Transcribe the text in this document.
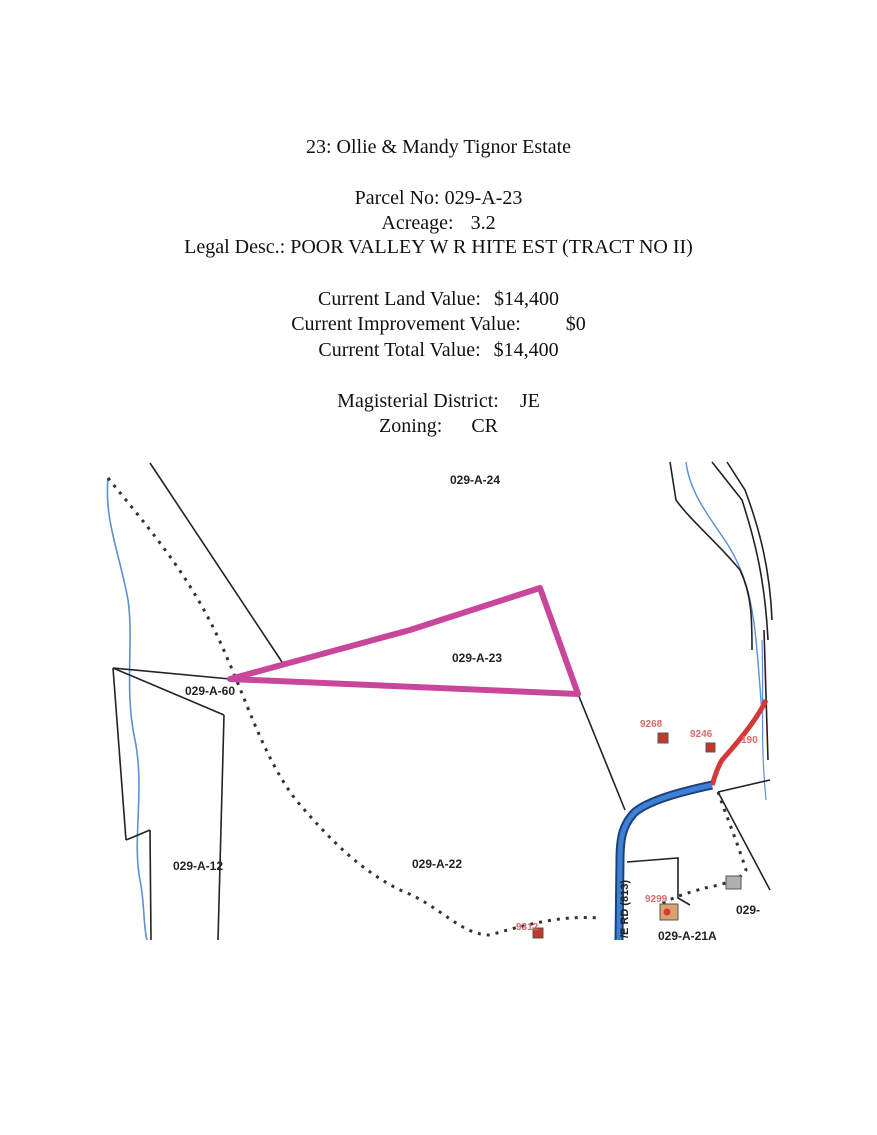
23: Ollie & Mandy Tignor Estate
Parcel No: 029-A-23
Acreage: 3.2
Legal Desc.: POOR VALLEY W R HITE EST (TRACT NO II)
Current Land Value: $14,400
Current Improvement Value: $0
Current Total Value: $14,400
Magisterial District: JE
Zoning: CR
029-A-24
029-A-23
029-A-60
029-A-12	029-A-22
029-A-21A
029-
9268
9246
190
9299
9312	/E RD (813)
